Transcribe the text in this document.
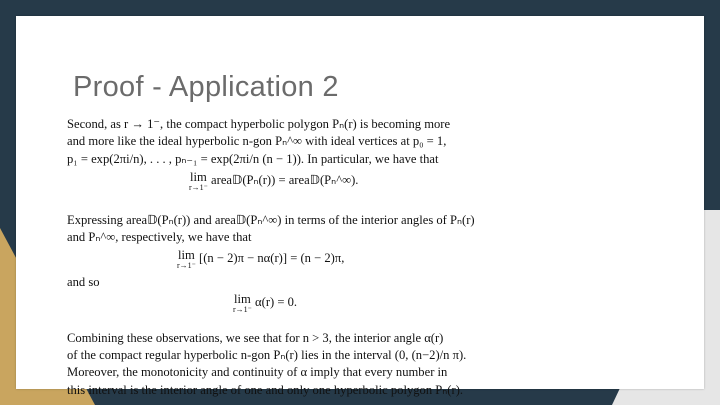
Proof - Application 2

Second, as r → 1⁻, the compact hyperbolic polygon Pₙ(r) is becoming more

and more like the ideal hyperbolic n-gon Pₙ^∞ with ideal vertices at p₀ = 1,

p₁ = exp(2πi/n), . . . , pₙ₋₁ = exp(2πi/n (n − 1)). In particular, we have that

lim
r→1⁻
area𝔻(Pₙ(r)) = area𝔻(Pₙ^∞).

Expressing area𝔻(Pₙ(r)) and area𝔻(Pₙ^∞) in terms of the interior angles of Pₙ(r)

and Pₙ^∞, respectively, we have that

lim
r→1⁻
[(n − 2)π − nα(r)] = (n − 2)π,

and so

lim
r→1⁻
α(r) = 0.

Combining these observations, we see that for n > 3, the interior angle α(r)

of the compact regular hyperbolic n-gon Pₙ(r) lies in the interval (0, (n−2)/n π).

Moreover, the monotonicity and continuity of α imply that every number in

this interval is the interior angle of one and only one hyperbolic polygon Pₙ(r).
